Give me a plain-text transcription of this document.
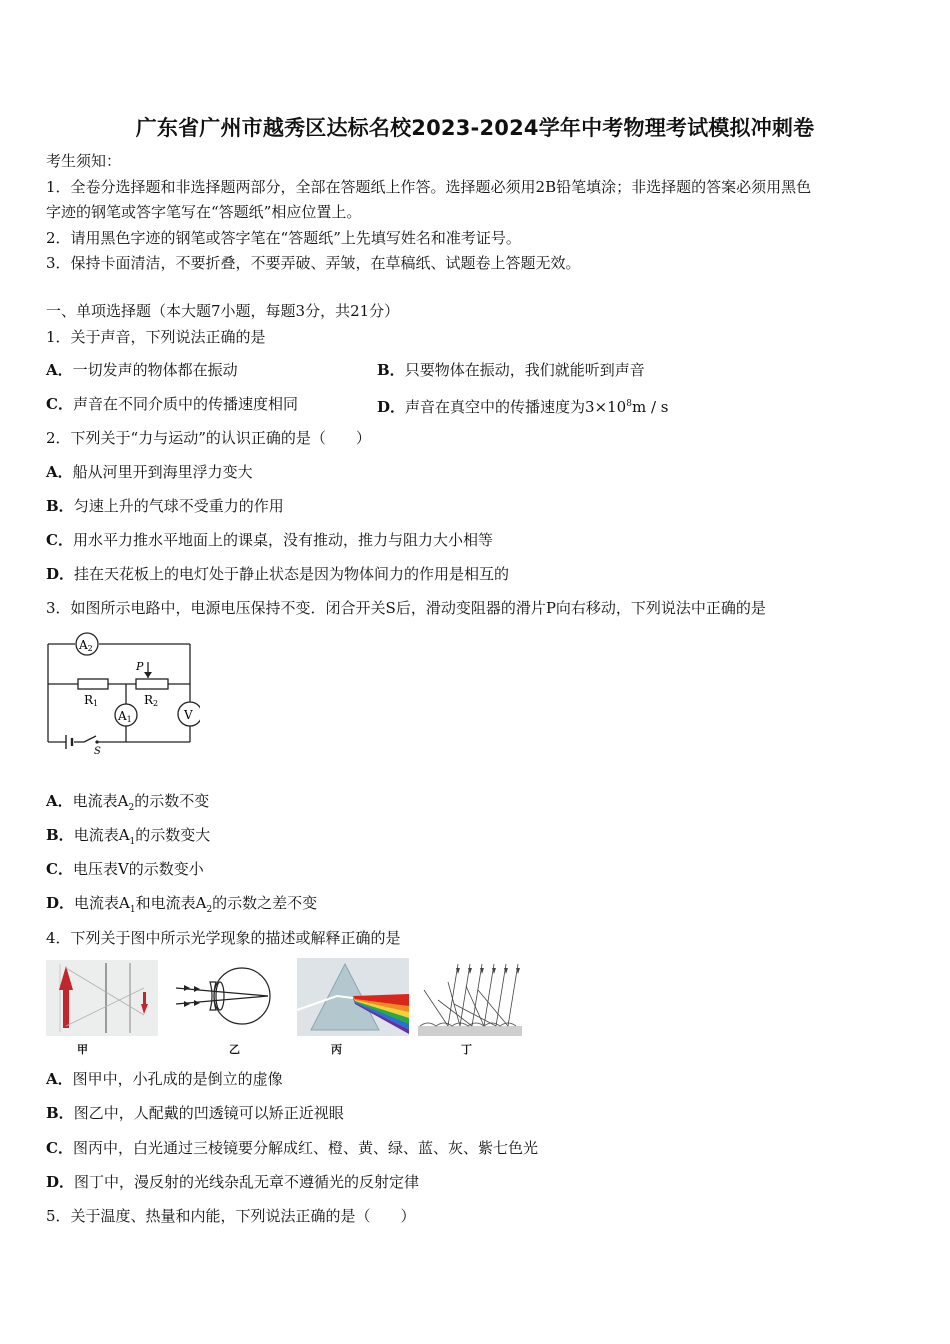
广东省广州市越秀区达标名校2023-2024学年中考物理考试模拟冲刺卷
考生须知：
1．全卷分选择题和非选择题两部分，全部在答题纸上作答。选择题必须用2B铅笔填涂；非选择题的答案必须用黑色
字迹的钢笔或答字笔写在“答题纸”相应位置上。
2．请用黑色字迹的钢笔或答字笔在“答题纸”上先填写姓名和准考证号。
3．保持卡面清洁，不要折叠，不要弄破、弄皱，在草稿纸、试题卷上答题无效。
一、单项选择题（本大题7小题，每题3分，共21分）
1．关于声音，下列说法正确的是
A．一切发声的物体都在振动	B．只要物体在振动，我们就能听到声音
C．声音在不同介质中的传播速度相同	D．声音在真空中的传播速度为$3\times 10^8m / s$
2．下列关于“力与运动”的认识正确的是（　　）
A．船从河里开到海里浮力变大
B．匀速上升的气球不受重力的作用
C．用水平力推水平地面上的课桌，没有推动，推力与阻力大小相等
D．挂在天花板上的电灯处于静止状态是因为物体间力的作用是相互的
3．如图所示电路中，电源电压保持不变．闭合开关S后，滑动变阻器的滑片P向右移动，下列说法中正确的是
A2
A1	V
R1	R2
P
S
A．电流表$A_2$的示数不变
B．电流表$A_1$的示数变大
C．电压表V的示数变小
D．电流表$A_1$和电流表$A_2$的示数之差不变
4．下列关于图中所示光学现象的描述或解释正确的是
甲	乙	丙	丁
A．图甲中，小孔成的是倒立的虚像
B．图乙中，人配戴的凹透镜可以矫正近视眼
C．图丙中，白光通过三棱镜要分解成红、橙、黄、绿、蓝、灰、紫七色光
D．图丁中，漫反射的光线杂乱无章不遵循光的反射定律
5．关于温度、热量和内能，下列说法正确的是（　　）
